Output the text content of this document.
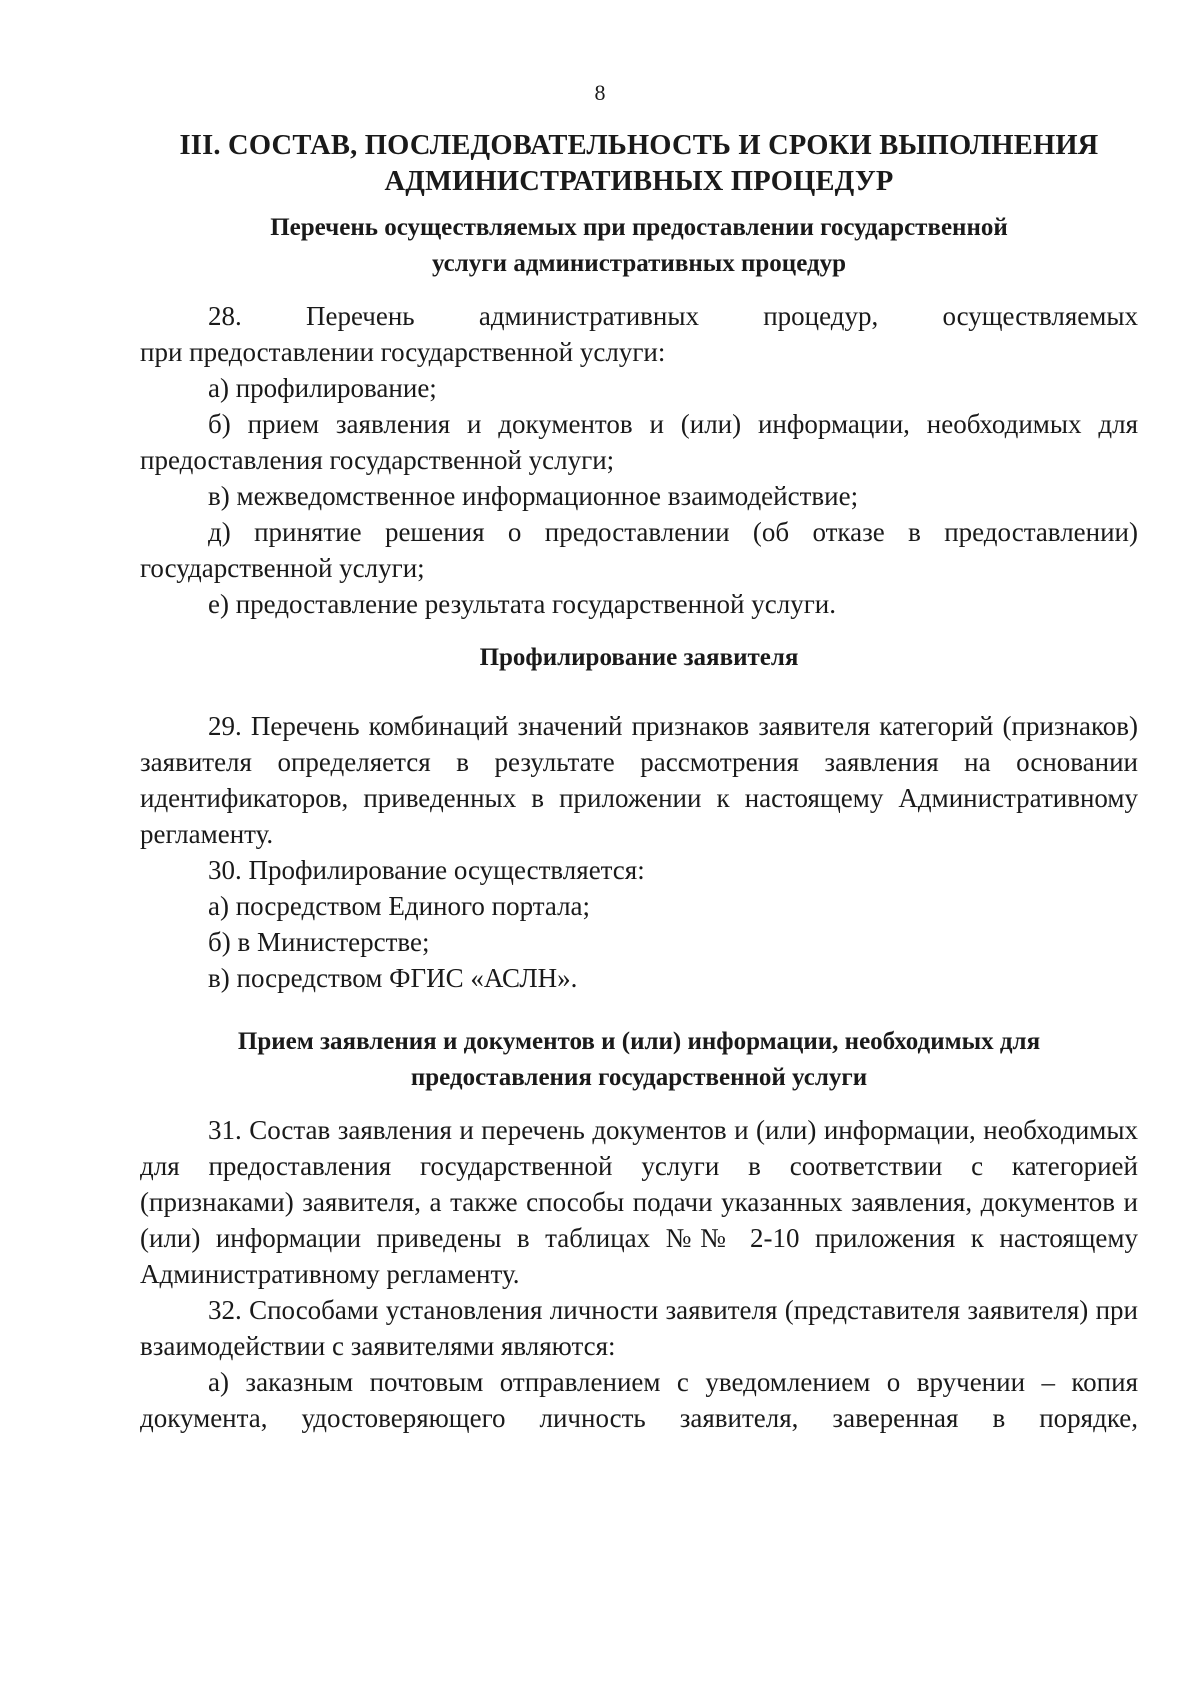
8
III. СОСТАВ, ПОСЛЕДОВАТЕЛЬНОСТЬ И СРОКИ ВЫПОЛНЕНИЯ
АДМИНИСТРАТИВНЫХ ПРОЦЕДУР
Перечень осуществляемых при предоставлении государственной
услуги административных процедур

28. Перечень административных процедур, осуществляемых

при предоставлении государственной услуги:

а) профилирование;

б) прием заявления и документов и (или) информации, необходимых для предоставления государственной услуги;

в) межведомственное информационное взаимодействие;

д) принятие решения о предоставлении (об отказе в предоставлении) государственной услуги;

е) предоставление результата государственной услуги.

Профилирование заявителя

29. Перечень комбинаций значений признаков заявителя категорий (признаков) заявителя определяется в результате рассмотрения заявления на основании идентификаторов, приведенных в приложении к настоящему Административному регламенту.

30. Профилирование осуществляется:

а) посредством Единого портала;

б) в Министерстве;

в) посредством ФГИС «АСЛН».

Прием заявления и документов и (или) информации, необходимых для
предоставления государственной услуги

31. Состав заявления и перечень документов и (или) информации, необходимых для предоставления государственной услуги в соответствии с категорией (признаками) заявителя, а также способы подачи указанных заявления, документов и (или) информации приведены в таблицах №№ 2-10 приложения к настоящему Административному регламенту.

32. Способами установления личности заявителя (представителя заявителя) при взаимодействии с заявителями являются:

а) заказным почтовым отправлением с уведомлением о вручении – копия

документа, удостоверяющего личность заявителя, заверенная в порядке,
